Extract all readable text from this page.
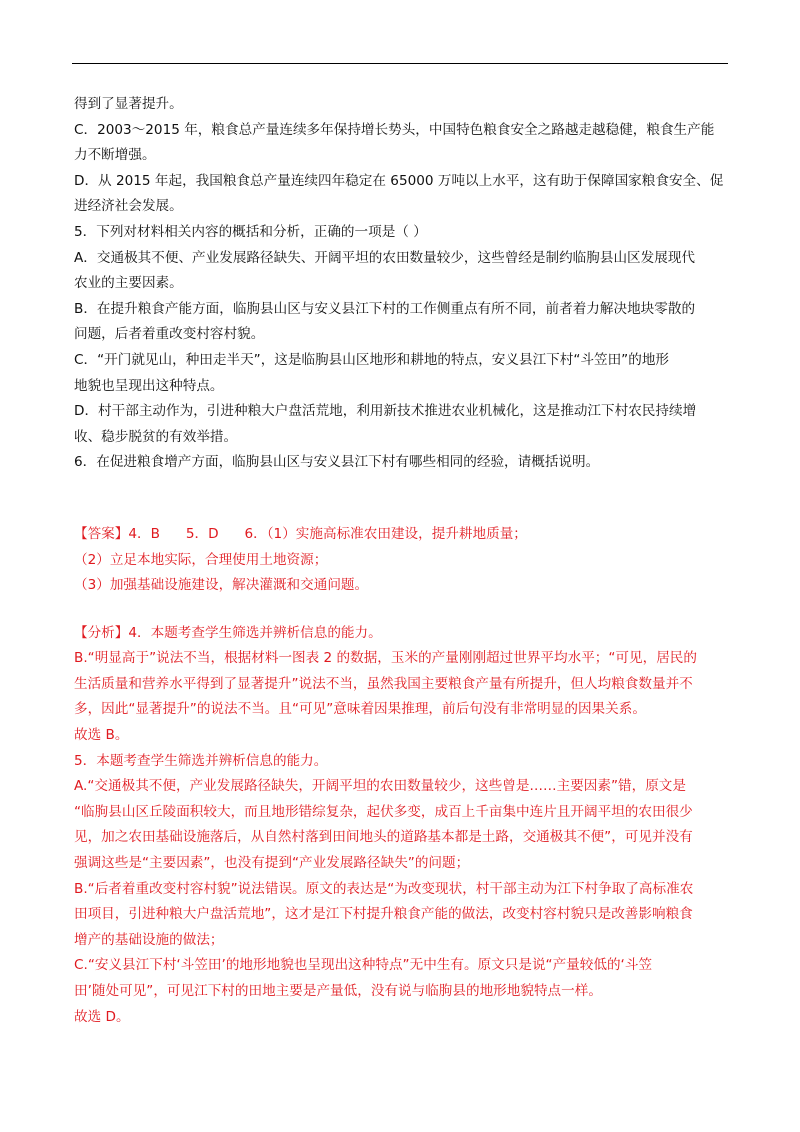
得到了显著提升。

C．2003～2015 年，粮食总产量连续多年保持增长势头，中国特色粮食安全之路越走越稳健，粮食生产能

力不断增强。

D．从 2015 年起，我国粮食总产量连续四年稳定在 65000 万吨以上水平，这有助于保障国家粮食安全、促

进经济社会发展。

5．下列对材料相关内容的概括和分析，正确的一项是（ ）

A．交通极其不便、产业发展路径缺失、开阔平坦的农田数量较少，这些曾经是制约临朐县山区发展现代

农业的主要因素。

B．在提升粮食产能方面，临朐县山区与安义县江下村的工作侧重点有所不同，前者着力解决地块零散的

问题，后者着重改变村容村貌。

C．“开门就见山，种田走半天”，这是临朐县山区地形和耕地的特点，安义县江下村“斗笠田”的地形

地貌也呈现出这种特点。

D．村干部主动作为，引进种粮大户盘活荒地，利用新技术推进农业机械化，这是推动江下村农民持续增

收、稳步脱贫的有效举措。

6．在促进粮食增产方面，临朐县山区与安义县江下村有哪些相同的经验，请概括说明。

【答案】4．B      5．D      6．（1）实施高标准农田建设，提升耕地质量；

（2）立足本地实际，合理使用土地资源；

（3）加强基础设施建设，解决灌溉和交通问题。

【分析】4．本题考查学生筛选并辨析信息的能力。

B.“明显高于”说法不当，根据材料一图表 2 的数据，玉米的产量刚刚超过世界平均水平；“可见，居民的

生活质量和营养水平得到了显著提升”说法不当，虽然我国主要粮食产量有所提升，但人均粮食数量并不

多，因此“显著提升”的说法不当。且“可见”意味着因果推理，前后句没有非常明显的因果关系。

故选 B。

5．本题考查学生筛选并辨析信息的能力。

A.“交通极其不便，产业发展路径缺失，开阔平坦的农田数量较少，这些曾是……主要因素”错，原文是

“临朐县山区丘陵面积较大，而且地形错综复杂，起伏多变，成百上千亩集中连片且开阔平坦的农田很少

见，加之农田基础设施落后，从自然村落到田间地头的道路基本都是土路，交通极其不便”，可见并没有

强调这些是“主要因素”，也没有提到“产业发展路径缺失”的问题；

B.“后者着重改变村容村貌”说法错误。原文的表达是“为改变现状，村干部主动为江下村争取了高标准农

田项目，引进种粮大户盘活荒地”，这才是江下村提升粮食产能的做法，改变村容村貌只是改善影响粮食

增产的基础设施的做法；

C.“安义县江下村‘斗笠田’的地形地貌也呈现出这种特点”无中生有。原文只是说“产量较低的‘斗笠

田’随处可见”，可见江下村的田地主要是产量低，没有说与临朐县的地形地貌特点一样。

故选 D。
